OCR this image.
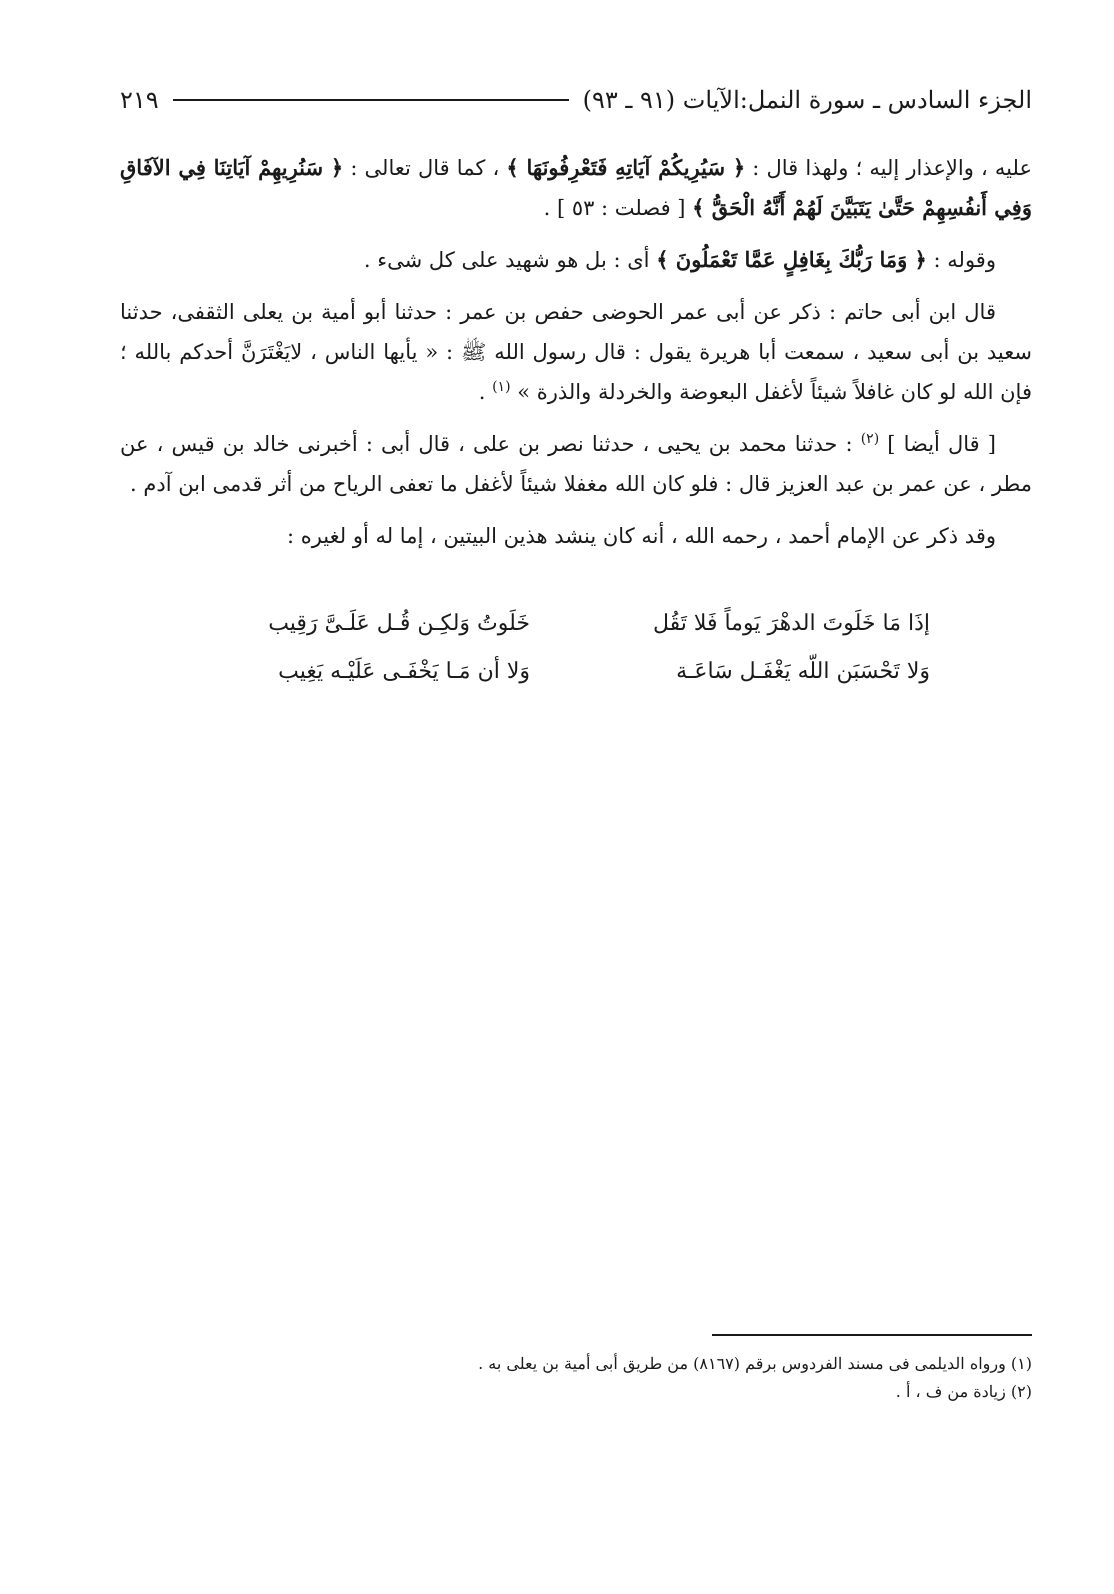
الجزء السادس ـ سورة النمل:الآيات (٩١ ـ ٩٣)
٢١٩

عليه ، والإعذار إليه ؛ ولهذا قال : ﴿ سَيُرِيكُمْ آيَاتِهِ فَتَعْرِفُونَهَا ﴾ ، كما قال تعالى : ﴿ سَنُرِيهِمْ آيَاتِنَا فِي الآفَاقِ وَفِي أَنفُسِهِمْ حَتَّىٰ يَتَبَيَّنَ لَهُمْ أَنَّهُ الْحَقُّ ﴾ [ فصلت : ٥٣ ] .

وقوله : ﴿ وَمَا رَبُّكَ بِغَافِلٍ عَمَّا تَعْمَلُونَ ﴾ أى : بل هو شهيد على كل شىء .

قال ابن أبى حاتم : ذكر عن أبى عمر الحوضى حفص بن عمر : حدثنا أبو أمية بن يعلى الثقفى، حدثنا سعيد بن أبى سعيد ، سمعت أبا هريرة يقول : قال رسول الله ﷺ : « يأيها الناس ، لايَغْتَرَنَّ أحدكم بالله ؛ فإن الله لو كان غافلاً شيئاً لأغفل البعوضة والخردلة والذرة » $^{(١)}$ .

[ قال أيضا ] $^{(٢)}$ : حدثنا محمد بن يحيى ، حدثنا نصر بن على ، قال أبى : أخبرنى خالد بن قيس ، عن مطر ، عن عمر بن عبد العزيز قال : فلو كان الله مغفلا شيئاً لأغفل ما تعفى الرياح من أثر قدمى ابن آدم .

وقد ذكر عن الإمام أحمد ، رحمه الله ، أنه كان ينشد هذين البيتين ، إما له أو لغيره :

إذَا مَا خَلَوتَ الدهْرَ يَوماً فَلا تَقُل
خَلَوتُ وَلكِـن قُـل عَلَـىَّ رَقِيب
وَلا تَحْسَبَن اللّه يَغْفَـل سَاعَـة
وَلا أن مَـا يَخْفَـى عَلَيْـه يَغِيب
(١) ورواه الديلمى فى مسند الفردوس برقم (٨١٦٧) من طريق أبى أمية بن يعلى به .
(٢) زيادة من ف ، أ .
